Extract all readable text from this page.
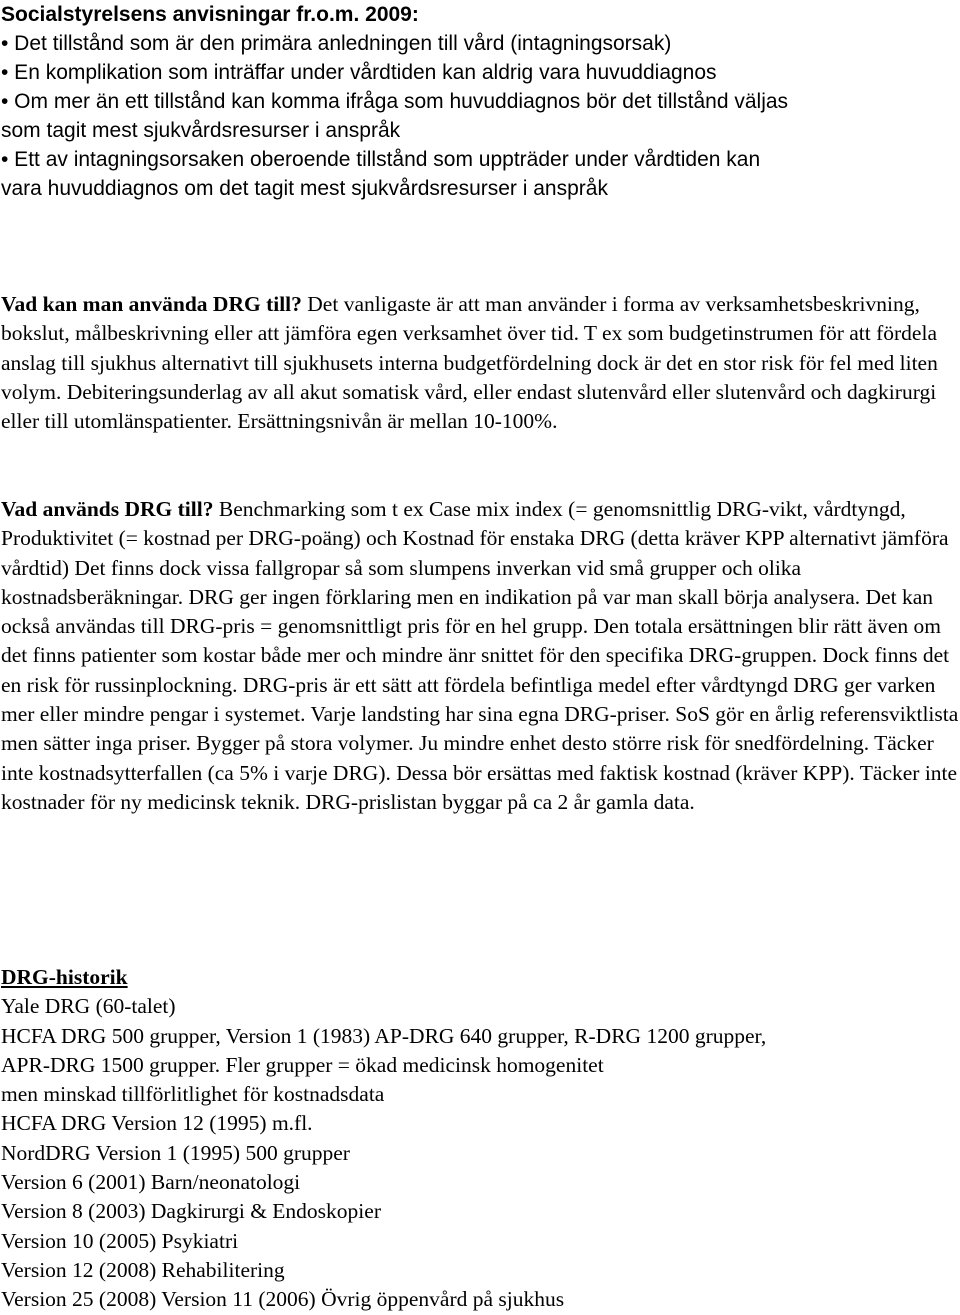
Socialstyrelsens anvisningar fr.o.m. 2009:
• Det tillstånd som är den primära anledningen till vård (intagningsorsak)
• En komplikation som inträffar under vårdtiden kan aldrig vara huvuddiagnos
• Om mer än ett tillstånd kan komma ifråga som huvuddiagnos bör det tillstånd väljas som tagit mest sjukvårdsresurser i anspråk
• Ett av intagningsorsaken oberoende tillstånd som uppträder under vårdtiden kan vara huvuddiagnos om det tagit mest sjukvårdsresurser i anspråk

Vad kan man använda DRG till? Det vanligaste är att man använder i forma av verksamhetsbeskrivning, bokslut, målbeskrivning eller att jämföra egen verksamhet över tid. T ex som budgetinstrumen för att fördela anslag till sjukhus alternativt till sjukhusets interna budgetfördelning dock är det en stor risk för fel med liten volym. Debiteringsunderlag av all akut somatisk vård, eller endast slutenvård eller slutenvård och dagkirurgi eller till utomlänspatienter. Ersättningsnivån är mellan 10-100%.

Vad används DRG till? Benchmarking som t ex Case mix index (= genomsnittlig DRG-vikt, vårdtyngd, Produktivitet (= kostnad per DRG-poäng) och Kostnad för enstaka DRG (detta kräver KPP alternativt jämföra vårdtid) Det finns dock vissa fallgropar så som slumpens inverkan vid små grupper och olika kostnadsberäkningar. DRG ger ingen förklaring men en indikation på var man skall börja analysera. Det kan också användas till DRG-pris = genomsnittligt pris för en hel grupp. Den totala ersättningen blir rätt även om det finns patienter som kostar både mer och mindre änr snittet för den specifika DRG-gruppen. Dock finns det en risk för russinplockning. DRG-pris är ett sätt att fördela befintliga medel efter vårdtyngd DRG ger varken mer eller mindre pengar i systemet. Varje landsting har sina egna DRG-priser. SoS gör en årlig referensviktlista men sätter inga priser. Bygger på stora volymer. Ju mindre enhet desto större risk för snedfördelning. Täcker inte kostnadsytterfallen (ca 5% i varje DRG). Dessa bör ersättas med faktisk kostnad (kräver KPP). Täcker inte kostnader för ny medicinsk teknik. DRG-prislistan byggar på ca 2 år gamla data.

DRG-historik
Yale DRG (60-talet)
HCFA DRG 500 grupper, Version 1 (1983) AP-DRG 640 grupper, R-DRG 1200 grupper,
APR-DRG 1500 grupper. Fler grupper = ökad medicinsk homogenitet
men minskad tillförlitlighet för kostnadsdata
HCFA DRG Version 12 (1995) m.fl.
NordDRG Version 1 (1995) 500 grupper
Version 6 (2001) Barn/neonatologi
Version 8 (2003) Dagkirurgi & Endoskopier
Version 10 (2005) Psykiatri
Version 12 (2008) Rehabilitering
Version 25 (2008) Version 11 (2006) Övrig öppenvård på sjukhus
